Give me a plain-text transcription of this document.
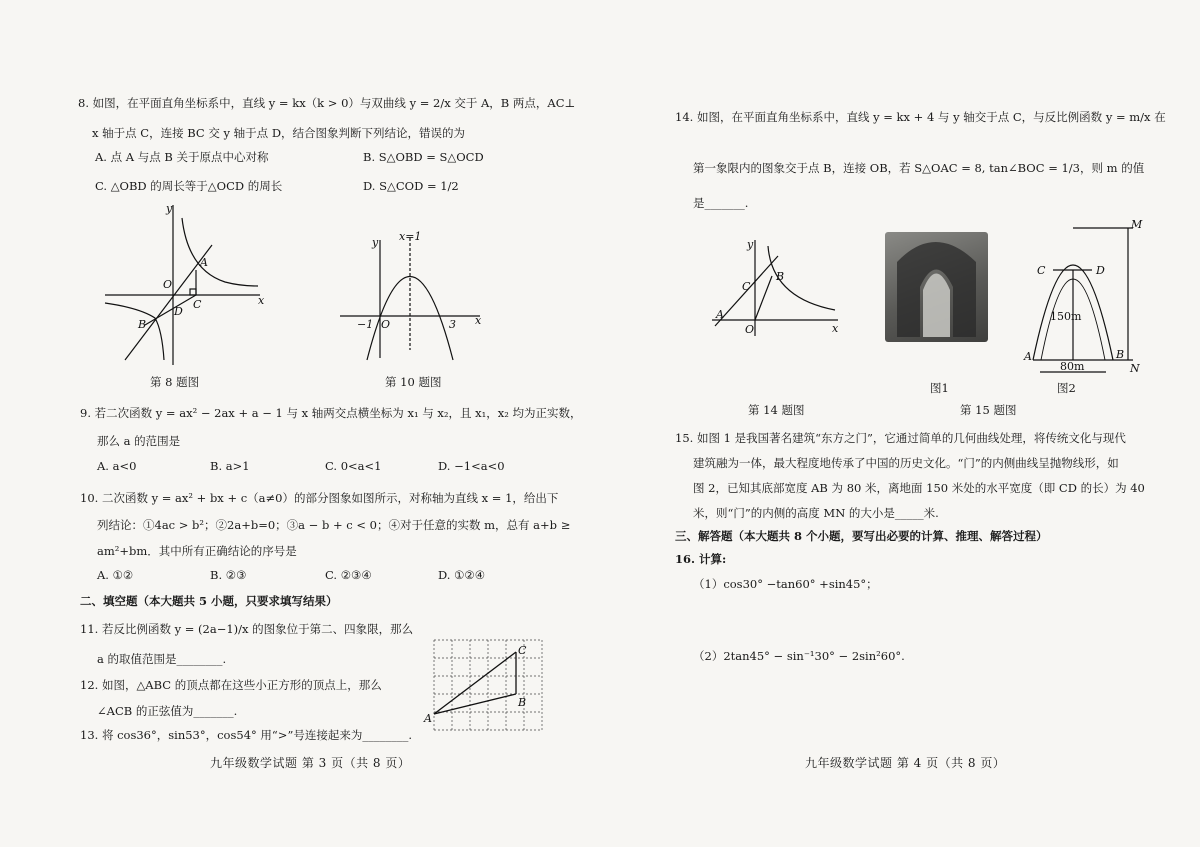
8. 如图，在平面直角坐标系中，直线 y = kx（k > 0）与双曲线 y = 2/x 交于 A，B 两点，AC⊥
x 轴于点 C，连接 BC 交 y 轴于点 D，结合图象判断下列结论，错误的为
A. 点 A 与点 B 关于原点中心对称	B. S△OBD = S△OCD
C. △OBD 的周长等于△OCD 的周长	D. S△COD = 1/2
y
x
A
O
C
D
B
第 8 题图
y x=1
−1 O	3 x
第 10 题图
9. 若二次函数 y = ax² − 2ax + a − 1 与 x 轴两交点横坐标为 x₁ 与 x₂，且 x₁，x₂ 均为正实数，
那么 a 的范围是
A. a<0	B. a>1	C. 0<a<1	D. −1<a<0
10. 二次函数 y = ax² + bx + c（a≠0）的部分图象如图所示，对称轴为直线 x = 1，给出下
列结论：①4ac > b²；②2a+b=0；③a − b + c < 0；④对于任意的实数 m，总有 a+b ≥
am²+bm．其中所有正确结论的序号是
A. ①②	B. ②③	C. ②③④	D. ①②④
二、填空题（本大题共 5 小题，只要求填写结果）
11. 若反比例函数 y = (2a−1)/x 的图象位于第二、四象限，那么
a 的取值范围是________.
A
C
B
12. 如图，△ABC 的顶点都在这些小正方形的顶点上，那么
∠ACB 的正弦值为_______.
13. 将 cos36°，sin53°，cos54° 用“>”号连接起来为________.
九年级数学试题 第 3 页（共 8 页）
14. 如图，在平面直角坐标系中，直线 y = kx + 4 与 y 轴交于点 C，与反比例函数 y = m/x 在
第一象限内的图象交于点 B，连接 OB，若 S△OAC = 8, tan∠BOC = 1/3，则 m 的值
是_______.
y
B
C
A
O	x
M
C	D
150m
A	B
N
80m
图1	图2
第 14 题图	第 15 题图
15. 如图 1 是我国著名建筑“东方之门”，它通过简单的几何曲线处理，将传统文化与现代
建筑融为一体，最大程度地传承了中国的历史文化。“门”的内侧曲线呈抛物线形，如
图 2，已知其底部宽度 AB 为 80 米，离地面 150 米处的水平宽度（即 CD 的长）为 40
米，则“门”的内侧的高度 MN 的大小是_____米.
三、解答题（本大题共 8 个小题，要写出必要的计算、推理、解答过程）
16. 计算:
（1）cos30° −tan60° +sin45°；
（2）2tan45° − sin⁻¹30° − 2sin²60°.
九年级数学试题 第 4 页（共 8 页）
